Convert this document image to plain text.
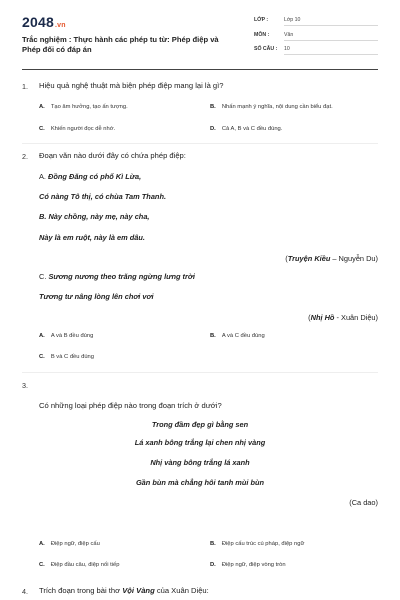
2048.vn
Trắc nghiệm : Thực hành các phép tu từ: Phép điệp và Phép đối có đáp án
LỚP :	Lớp 10
MÔN :	Văn
SỐ CÂU : 10
1. Hiệu quả nghệ thuật mà biện phép điệp mang lại là gì?
A. Tạo âm hưởng, tạo ấn tượng.	B. Nhấn mạnh ý nghĩa, nội dung cần biểu đạt.
C. Khiến người đọc dễ nhớ.	D. Cả A, B và C đều đúng.
2. Đoạn văn nào dưới đây có chứa phép điệp:
A. Đồng Đăng có phố Kì Lừa,
Có nàng Tô thị, có chùa Tam Thanh.
B. Này chồng, này mẹ, này cha,
Này là em ruột, này là em dâu.
(Truyện Kiều – Nguyễn Du)
C. Sương nương theo trăng ngừng lưng trời
Tương tư nâng lòng lên chơi vơi
(Nhị Hồ - Xuân Diệu)
A. A và B đều đúng	B. A và C đều đúng
C. B và C đều đúng
3.
Có những loại phép điệp nào trong đoạn trích ở dưới?
Trong đầm đẹp gì bằng sen
Lá xanh bông trắng lại chen nhị vàng
Nhị vàng bông trắng lá xanh
Gần bùn mà chẳng hôi tanh mùi bùn
(Ca dao)
A. Điệp ngữ, điệp cấu	B. Điệp cấu trúc cú pháp, điệp ngữ
C. Điệp đầu câu, điệp nối tiếp	D. Điệp ngữ, điệp vòng tròn
4. Trích đoạn trong bài thơ Vội Vàng của Xuân Diệu:
